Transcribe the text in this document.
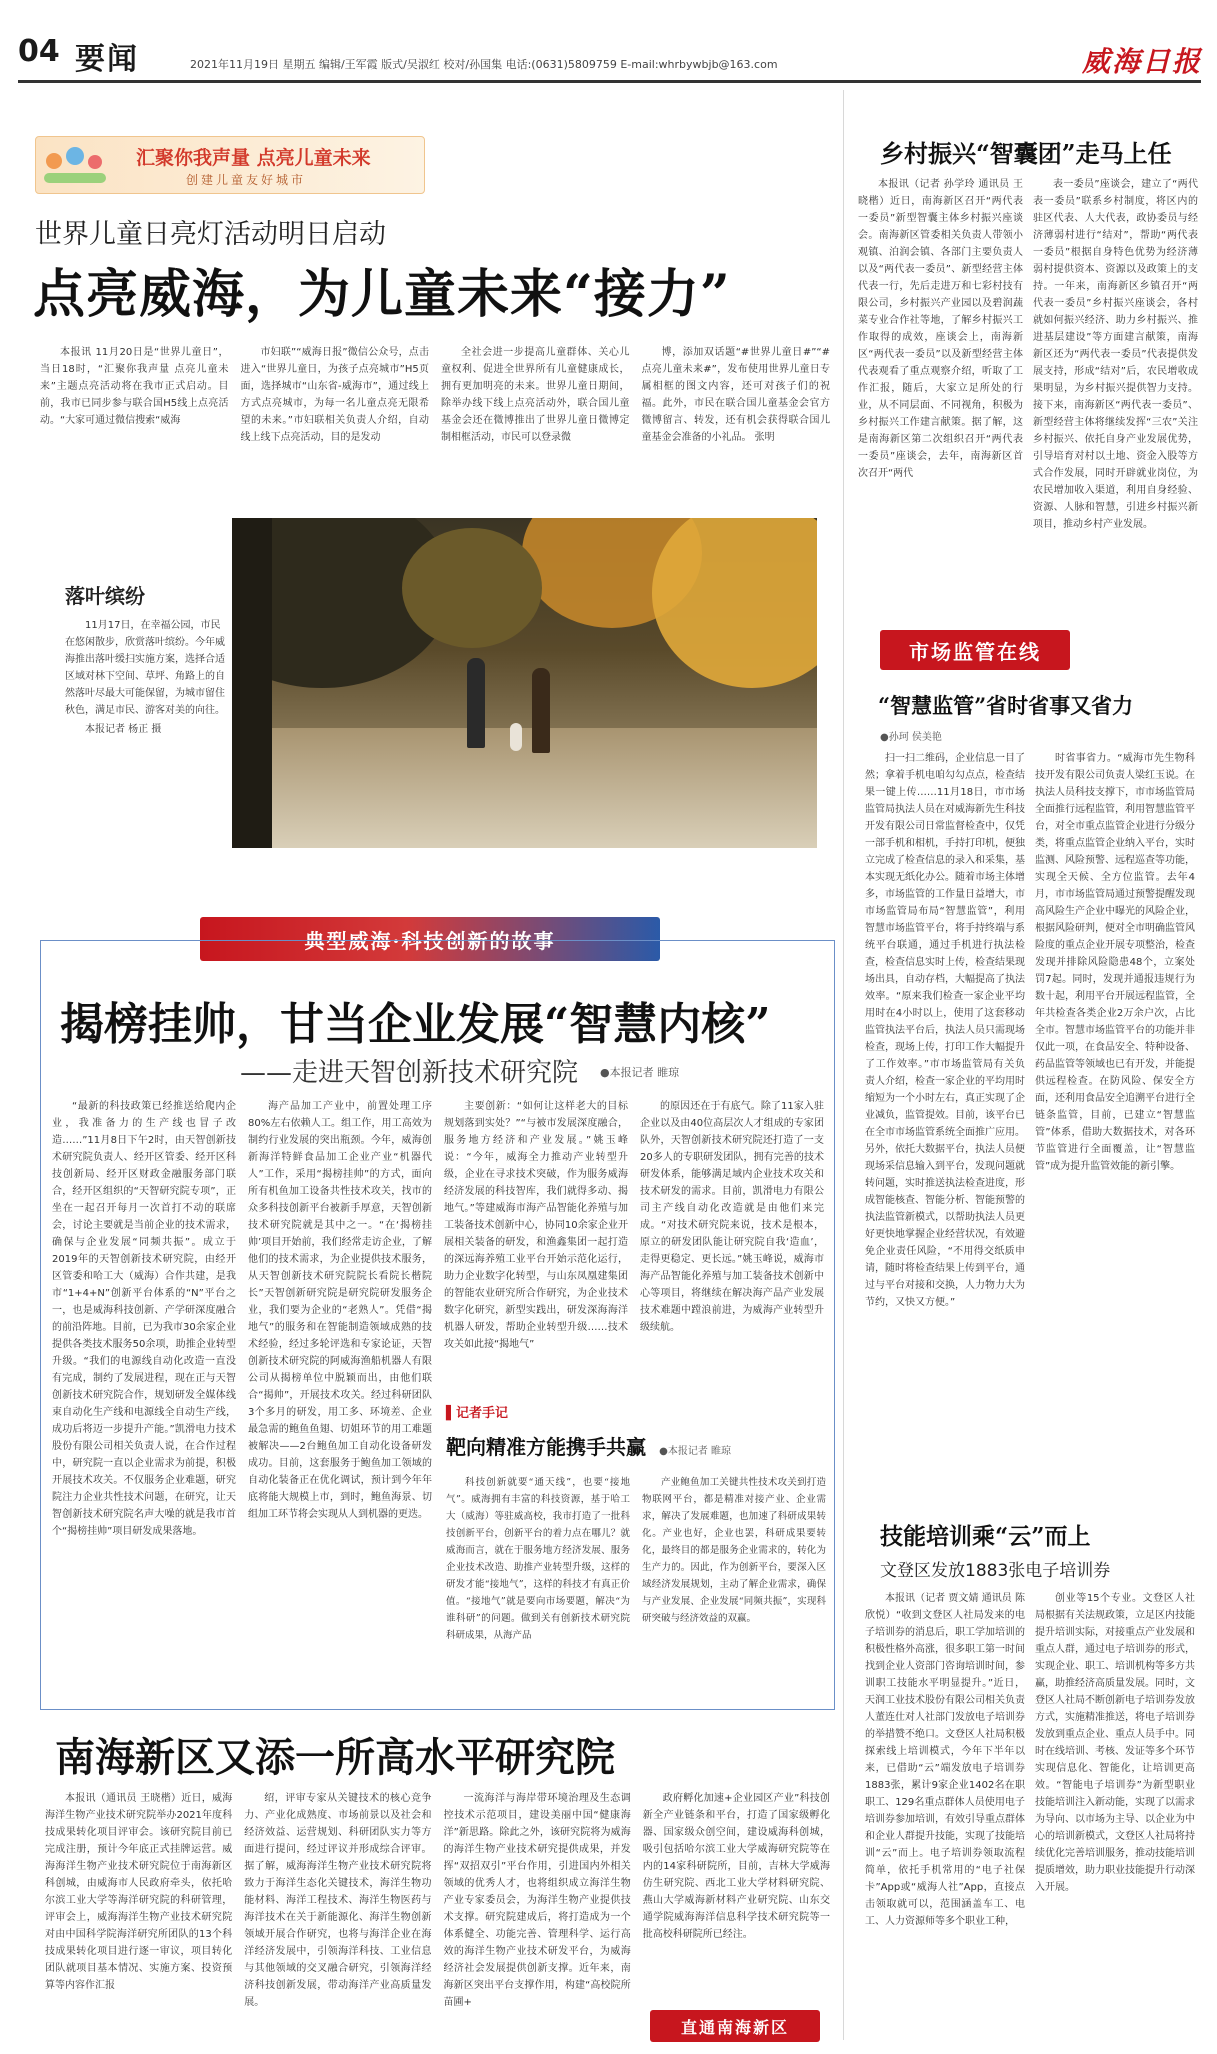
04 要闻	2021年11月19日 星期五 编辑/王军霞 版式/吴淑红 校对/孙国集 电话:(0631)5809759 E-mail:whrbywbjb@163.com	威海日报
汇聚你我声量 点亮儿童未来
创建儿童友好城市
世界儿童日亮灯活动明日启动
点亮威海，为儿童未来“接力”

本报讯 11月20日是“世界儿童日”，当日18时，“汇聚你我声量 点亮儿童未来”主题点亮活动将在我市正式启动。目前，我市已同步参与联合国H5线上点亮活动。“大家可通过微信搜索“威海

市妇联”“威海日报”微信公众号，点击进入“世界儿童日，为孩子点亮城市”H5页面，选择城市“山东省-威海市”，通过线上方式点亮城市，为每一名儿童点亮无限希望的未来。”市妇联相关负责人介绍，自动线上线下点亮活动，目的是发动

全社会进一步提高儿童群体、关心儿童权利、促进全世界所有儿童健康成长，拥有更加明亮的未来。世界儿童日期间，除举办线下线上点亮活动外，联合国儿童基金会还在微博推出了世界儿童日微博定制相框活动，市民可以登录微

博，添加双话题“#世界儿童日#”“#点亮儿童未来#”，发布使用世界儿童日专属相框的图文内容，还可对孩子们的祝福。此外，市民在联合国儿童基金会官方微博留言、转发，还有机会获得联合国儿童基金会准备的小礼品。 张明

落叶缤纷
11月17日，在幸福公园，市民在悠闲散步，欣赏落叶缤纷。今年威海推出落叶缓扫实施方案，选择合适区域对林下空间、草坪、角路上的自然落叶尽最大可能保留，为城市留住秋色，满足市民、游客对美的向往。
本报记者 杨正 摄
典型威海·科技创新的故事
揭榜挂帅，甘当企业发展“智慧内核”
——走进天智创新技术研究院 ●本报记者 睢琼

“最新的科技政策已经推送给爬内企业，我准备力的生产线也冒子改造……”11月8日下午2时，由天智创新技术研究院负责人、经开区管委、经开区科技创新局、经开区财政金融服务部门联合，经开区组织的“天智研究院专项”，正坐在一起召开每月一次首打不动的联席会，讨论主要就是当前企业的技术需求，确保与企业发展“同频共振”。成立于2019年的天智创新技术研究院，由经开区管委和哈工大（威海）合作共建，是我市“1+4+N”创新平台体系的“N”平台之一，也是威海科技创新、产学研深度融合的前沿阵地。目前，已为我市30余家企业提供各类技术服务50余项，助推企业转型升级。“我们的电源线自动化改造一直没有完成，制约了发展进程，现在正与天智创新技术研究院合作，规划研发全媒体线束自动化生产线和电源线全自动生产线，成功后将迈一步提升产能。”凯滑电力技术股份有限公司相关负责人说，在合作过程中，研究院一直以企业需求为前提，积极开展技术攻关。不仅服务企业难题，研究院注力企业共性技术问题，在研究，让天智创新技术研究院名声大噪的就是我市首个“揭榜挂帅”项目研发成果落地。

海产品加工产业中，前置处理工序80%左右依赖人工。组工作，用工高效为制约行业发展的突出瓶颈。今年，威海创新海洋特鲜食品加工企业产业“机器代人”工作，采用“揭榜挂帅”的方式，面向所有机鱼加工设备共性技术攻关，找市的众多科技创新平台被新手厚意，天智创新技术研究院就是其中之一。“在‘揭榜挂帅’项目开始前，我们经常走访企业，了解他们的技术需求，为企业提供技术服务，从天智创新技术研究院院长看院长楷院长”天智创新研究院是研究院研发服务企业，我们要为企业的“老熟人”。凭借“揭地气”的服务和在智能制造领域成熟的技术经验，经过多轮评选和专家论证，天智创新技术研究院的阿威海渔船机器人有限公司从揭榜单位中脱颖而出，由他们联合“揭帅”，开展技术攻关。经过科研团队3个多月的研发，用工多、环境差、企业最急需的鲍鱼鱼翅、切姐环节的用工难题被解决——2台鲍鱼加工自动化设备研发成功。目前，这套服务于鲍鱼加工领域的自动化装备正在优化调试，预计到今年年底将能大规模上市，到时，鲍鱼海景、切组加工环节将会实现从人到机器的更迭。

主要创新：“如何让这样老大的目标规划落到实处？”“与被市发展深度融合，服务地方经济和产业发展。”姚玉峰说：“今年，威海全力推动产业转型升级，企业在寻求技术突破，作为服务威海经济发展的科技智库，我们就得多动、揭地气。”等建威海市海产品智能化养殖与加工装备技术创新中心，协同10余家企业开展相关装备的研发，和渔鑫集团一起打造的深远海养殖工业平台开始示范化运行，助力企业数字化转型，与山东凤凰建集团的智能农业研究所合作研究，为企业技术数字化研究，新型实践出，研发深海海洋机器人研发，帮助企业转型升级……技术攻关如此接“揭地气”

的原因还在于有底气。除了11家入驻企业以及由40位高层次人才组成的专家团队外，天智创新技术研究院还打造了一支20多人的专职研发团队，拥有完善的技术研发体系，能够满足域内企业技术攻关和技术研发的需求。目前，凯滑电力有限公司主产线自动化改造就是由他们来完成。“对技术研究院来说，技术是根本，原立的研发团队能让研究院自我‘造血’，走得更稳定、更长远。”姚玉峰说，威海市海产品智能化养殖与加工装备技术创新中心等项目，将继续在解决海产品产业发展技术难题中蹚浪前进，为威海产业转型升级续航。

▌记者手记
靶向精准方能携手共赢 ●本报记者 睢琼

科技创新就要“通天线”，也要“接地气”。威海拥有丰富的科技资源，基于哈工大（威海）等驻威高校，我市打造了一批科技创新平台，创新平台的着力点在哪儿？就威海而言，就在于服务地方经济发展、服务企业技术改造、助推产业转型升级，这样的研发才能“接地气”，这样的科技才有真正价值。“接地气”就是要向市场要题，解决“为谁科研”的问题。做到关有创新技术研究院科研成果，从海产品

产业鲍鱼加工关键共性技术攻关到打造物联网平台，都是精准对接产业、企业需求，解决了发展难题，也加速了科研成果转化。产业也好，企业也罢，科研成果要转化，最终目的都是服务企业需求的，转化为生产力的。因此，作为创新平台，要深入区域经济发展规划，主动了解企业需求，确保与产业发展、企业发展“同频共振”，实现科研突破与经济效益的双赢。

南海新区又添一所高水平研究院

本报讯（通讯员 王晓楷）近日，威海海洋生物产业技术研究院举办2021年度科技成果转化项目评审会。该研究院目前已完成注册，预计今年底正式挂牌运营。威海海洋生物产业技术研究院位于南海新区科创城，由威海市人民政府牵头，依托哈尔滨工业大学等海洋研究院的科研管理，评审会上，威海海洋生物产业技术研究院对由中国科学院海洋研究所团队的13个科技成果转化项目进行逐一审议，项目转化团队就项目基本情况、实施方案、投资预算等内容作汇报

绍，评审专家从关键技术的核心竞争力、产业化成熟度、市场前景以及社会和经济效益、运营规划、科研团队实力等方面进行提问，经过评议并形成综合评审。据了解，威海海洋生物产业技术研究院将致力于海洋生态化关键技术，海洋生物功能材料、海洋工程技术、海洋生物医药与海洋技术在关于新能源化、海洋生物创新领域开展合作研究，也将与海洋企业在海洋经济发展中，引领海洋科技、工业信息与其他领域的交叉融合研究，引领海洋经济科技创新发展，带动海洋产业高质量发展。

一流海洋与海岸带环境治理及生态调控技术示范项目，建设美丽中国“健康海洋”新思路。除此之外，该研究院将为威海的海洋生物产业技术研究提供成果，并发挥“双招双引”平台作用，引进国内外相关领域的优秀人才，也将组织成立海洋生物产业专家委员会，为海洋生物产业提供技术支撑。研究院建成后，将打造成为一个体系健全、功能完善、管理科学、运行高效的海洋生物产业技术研发平台，为威海经济社会发展提供创新支撑。近年来，南海新区突出平台支撑作用，构建“高校院所苗圃+

政府孵化加速+企业园区产业”科技创新全产业链条和平台，打造了国家级孵化器、国家级众创空间，建设威海科创城，吸引包括哈尔滨工业大学威海研究院等在内的14家科研院所，目前，吉林大学威海仿生研究院、西北工业大学材料研究院、燕山大学威海新材料产业研究院、山东交通学院威海海洋信息科学技术研究院等一批高校科研院所已经注。

直通南海新区
乡村振兴“智囊团”走马上任

本报讯（记者 孙学玲 通讯员 王晓楷）近日，南海新区召开“两代表一委员”新型智囊主体乡村振兴座谈会。南海新区管委相关负责人带领小观镇、泊润会镇、各部门主要负责人以及“两代表一委员”、新型经营主体代表一行，先后走进万和七彩村技有限公司，乡村振兴产业园以及碧润蔬菜专业合作社等地，了解乡村振兴工作取得的成效，座谈会上，南海新区“两代表一委员”以及新型经营主体代表观看了重点观察介绍，听取了工作汇报，随后，大家立足所处的行业，从不同层面、不同视角，积极为乡村振兴工作建言献策。据了解，这是南海新区第二次组织召开“两代表一委员”座谈会，去年，南海新区首次召开“两代

表一委员”座谈会，建立了“两代表一委员”联系乡村制度，将区内的驻区代表、人大代表，政协委员与经济薄弱村进行“结对”，帮助“两代表一委员”根据自身特色优势为经济薄弱村提供资本、资源以及政策上的支持。一年来，南海新区乡镇召开“两代表一委员”乡村振兴座谈会，各村就如何振兴经济、助力乡村振兴、推进基层建设”等方面建言献策，南海新区还为“两代表一委员”代表提供发展支持，形成“结对”后，农民增收成果明显，为乡村振兴提供智力支持。接下来，南海新区“两代表一委员”、新型经营主体将继续发挥“三农”关注乡村振兴、依托自身产业发展优势，引导培育对村以土地、资金入股等方式合作发展，同时开辟就业岗位，为农民增加收入渠道，利用自身经验、资源、人脉和智慧，引进乡村振兴新项目，推动乡村产业发展。

市场监管在线
“智慧监管”省时省事又省力
●孙珂 侯美艳

扫一扫二维码，企业信息一目了然；拿着手机电咱勾勾点点，检查结果一键上传……11月18日，市市场监管局执法人员在对威海新先生科技开发有限公司日常监督检查中，仅凭一部手机和相机，手持打印机，便独立完成了检查信息的录入和采集，基本实现无纸化办公。随着市场主体增多，市场监管的工作量日益增大，市市场监管局布局“智慧监管”，利用智慧市场监管平台，将手持终端与系统平台联通，通过手机进行执法检查，检查信息实时上传，检查结果现场出具，自动存档，大幅提高了执法效率。“原来我们检查一家企业平均用时在4小时以上，使用了这套移动监管执法平台后，执法人员只需现场检查，现场上传，打印工作大幅提升了工作效率。”市市场监管局有关负责人介绍，检查一家企业的平均用时缩短为一个小时左右，真正实现了企业减负，监管提效。目前，该平台已在全市市场监管系统全面推广应用。另外，依托大数据平台，执法人员便现场采信息输入到平台，发现问题就转问题，实时推送执法检查进度，形成智能核查、智能分析、智能预警的执法监管新模式，以帮助执法人员更好更快地掌握企业经营状况，有效避免企业责任风险，“不用得交纸质申请，随时将检查结果上传到平台，通过与平台对接和交换，人力物力大为节约，又快又方便。”

时省事省力。“威海市先生物科技开发有限公司负责人梁红玉说。在执法人员科技支撑下，市市场监管局全面推行远程监管，利用智慧监管平台，对全市重点监管企业进行分级分类，将重点监管企业纳入平台，实时监测、风险预警、远程巡查等功能，实现全天候、全方位监管。去年4月，市市场监管局通过预警提醒发现高风险生产企业中曝光的风险企业，根据风险研判，便对全市明确监管风险度的重点企业开展专项整治，检查发现并排除风险隐患48个，立案处罚7起。同时，发现并通报违规行为数十起，利用平台开展远程监管，全年共检查各类企业2万余户次，占比全市。智慧市场监管平台的功能并非仅此一项，在食品安全、特种设备、药品监管等领域也已有开发，并能提供远程检查。在防风险、保安全方面，还利用食品安全追溯平台进行全链条监管，目前，已建立“智慧监管”体系，借助大数据技术，对各环节监管进行全面覆盖，让“智慧监管”成为提升监管效能的新引擎。

技能培训乘“云”而上
文登区发放1883张电子培训券

本报讯（记者 贾文婧 通讯员 陈欣悦）“收到文登区人社局发来的电子培训券的消息后，职工学加培训的积极性格外高涨，很多职工第一时间找到企业人资部门咨询培训时间，参训职工技能水平明显提升。”近日，天润工业技术股份有限公司相关负责人董连仕对人社部门发放电子培训券的举措赞不绝口。文登区人社局积极探索线上培训模式，今年下半年以来，已借助“云”端发放电子培训券1883张，累计9家企业1402名在职职工、129名重点群体人员使用电子培训券参加培训，有效引导重点群体和企业人群提升技能，实现了技能培训“云”而上。电子培训券领取流程简单，依托手机常用的“电子社保卡”App或“威海人社”App，直接点击领取就可以，范围涵盖车工、电工、人力资源师等多个职业工种，

创业等15个专业。文登区人社局根据有关法规政策，立足区内技能提升培训实际，对接重点产业发展和重点人群，通过电子培训券的形式，实现企业、职工、培训机构等多方共赢，助推经济高质量发展。同时，文登区人社局不断创新电子培训券发放方式，实施精准推送，将电子培训券发放到重点企业、重点人员手中。同时在线培训、考核、发证等多个环节实现信息化、智能化，让培训更高效。“智能电子培训券”为新型职业技能培训注入新动能，实现了以需求为导向、以市场为主导、以企业为中心的培训新模式，文登区人社局将持续优化完善培训服务，推动技能培训提质增效，助力职业技能提升行动深入开展。
